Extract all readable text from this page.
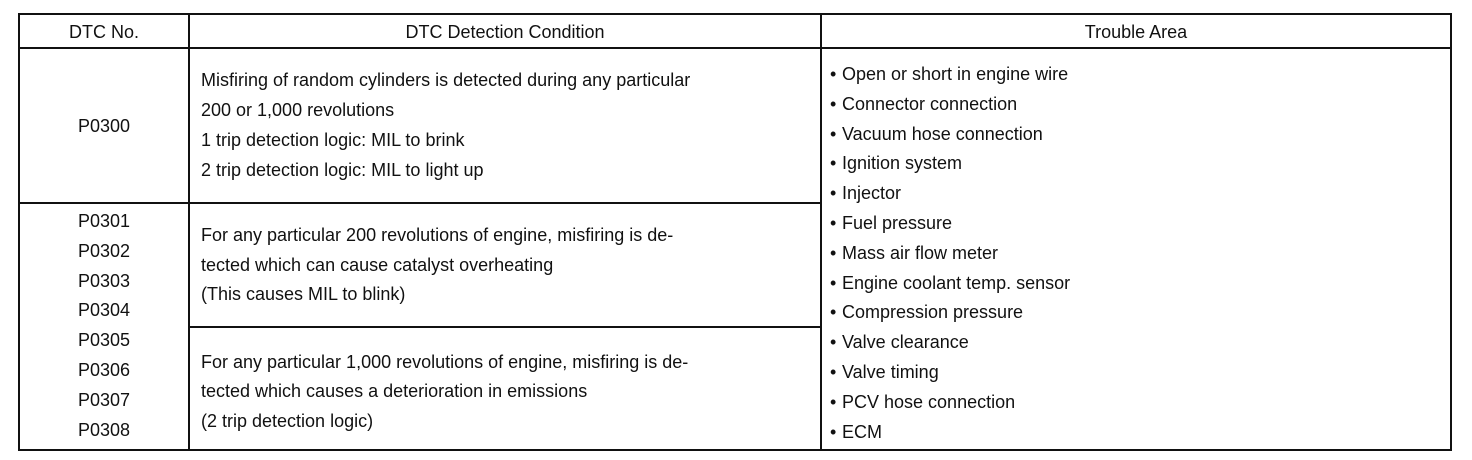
DTC No.	DTC Detection Condition	Trouble Area
P0300
Misfiring of random cylinders is detected during any particular
200 or 1,000 revolutions
1 trip detection logic: MIL to brink
2 trip detection logic: MIL to light up
P0301
P0302
P0303
P0304
P0305
P0306
P0307
P0308
For any particular 200 revolutions of engine, misfiring is de-
tected which can cause catalyst overheating
(This causes MIL to blink)
For any particular 1,000 revolutions of engine, misfiring is de-
tected which causes a deterioration in emissions
(2 trip detection logic)
• Open or short in engine wire
• Connector connection
• Vacuum hose connection
• Ignition system
• Injector
• Fuel pressure
• Mass air flow meter
• Engine coolant temp. sensor
• Compression pressure
• Valve clearance
• Valve timing
• PCV hose connection
• ECM
